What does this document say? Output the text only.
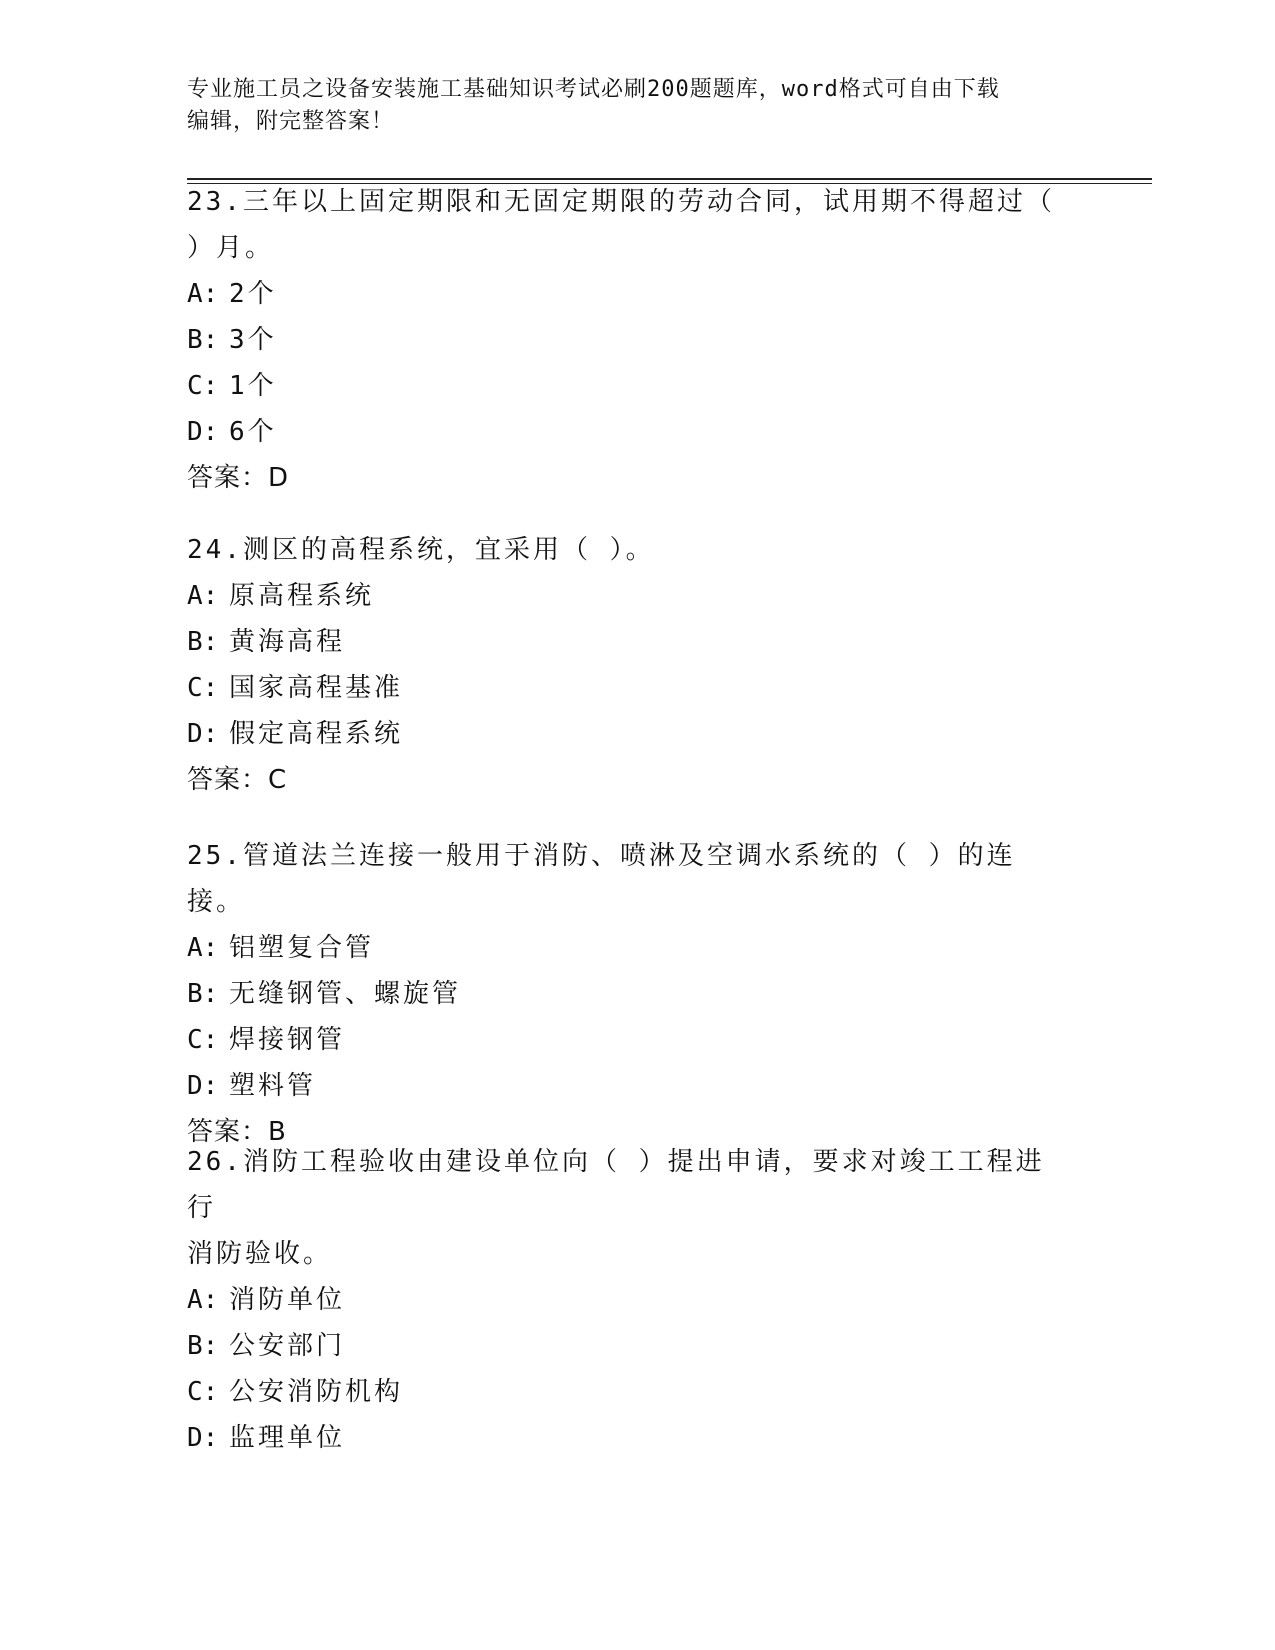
专业施工员之设备安装施工基础知识考试必刷200题题库，word格式可自由下载
编辑，附完整答案！
23.三年以上固定期限和无固定期限的劳动合同，试用期不得超过（
）月。
A: 2个
B: 3个
C: 1个
D: 6个
答案：D
24.测区的高程系统，宜采用（ ）。
A: 原高程系统
B: 黄海高程
C: 国家高程基准
D: 假定高程系统
答案：C
25.管道法兰连接一般用于消防、喷淋及空调水系统的（ ）的连接。
A: 铝塑复合管
B: 无缝钢管、螺旋管
C: 焊接钢管
D: 塑料管
答案：B
26.消防工程验收由建设单位向（ ）提出申请，要求对竣工工程进行
消防验收。
A: 消防单位
B: 公安部门
C: 公安消防机构
D: 监理单位
